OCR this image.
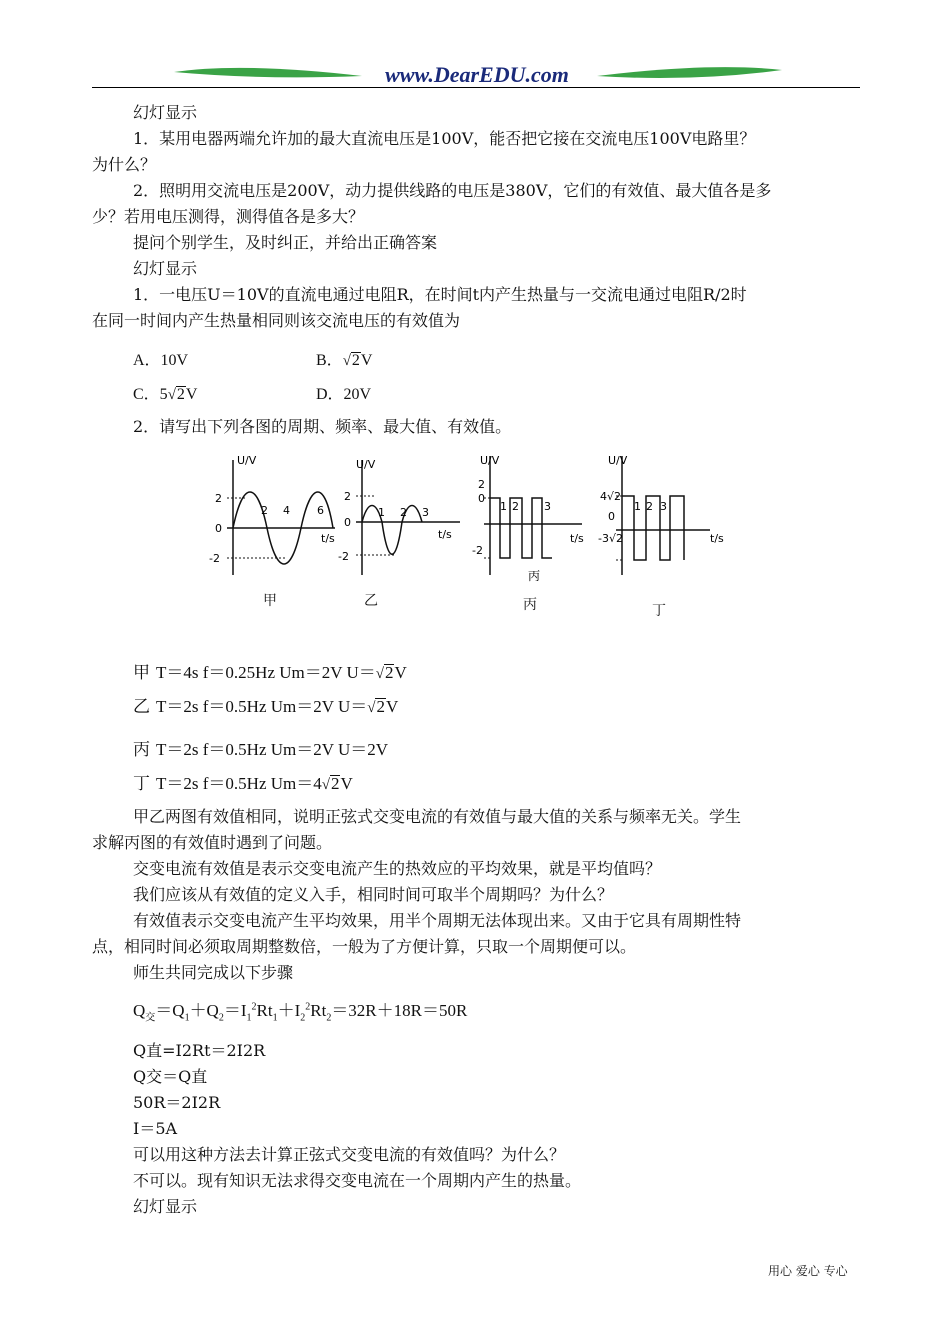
www.DearEDU.com
幻灯显示
1．某用电器两端允许加的最大直流电压是100V，能否把它接在交流电压100V电路里？
为什么？
2．照明用交流电压是200V，动力提供线路的电压是380V，它们的有效值、最大值各是多
少？若用电压测得，测得值各是多大？
提问个别学生，及时纠正，并给出正确答案
幻灯显示
1．一电压U＝10V的直流电通过电阻R，在时间t内产生热量与一交流电通过电阻R/2时
在同一时间内产生热量相同则该交流电压的有效值为
A．10V	B．√2V
C．5√2V	D．20V
2．请写出下列各图的周期、频率、最大值、有效值。
U/V
t/s
2
0
-2
2 4 6
甲
U/V
t/s
2
0
-2
1 2 3
乙
U/V
t/s
2
0
-2
1 2 3
丙
丙
U/V
t/s
4√2
0
-3√2
1 2 3
丁
甲 T＝4s f＝0.25Hz Um＝2V U＝√2V
乙 T＝2s f＝0.5Hz Um＝2V U＝√2V
丙 T＝2s f＝0.5Hz Um＝2V U＝2V
丁 T＝2s f＝0.5Hz Um＝4√2V
甲乙两图有效值相同，说明正弦式交变电流的有效值与最大值的关系与频率无关。学生
求解丙图的有效值时遇到了问题。
交变电流有效值是表示交变电流产生的热效应的平均效果，就是平均值吗？
我们应该从有效值的定义入手，相同时间可取半个周期吗？为什么？
有效值表示交变电流产生平均效果，用半个周期无法体现出来。又由于它具有周期性特
点，相同时间必须取周期整数倍，一般为了方便计算，只取一个周期便可以。
师生共同完成以下步骤
$Q_交=Q_1+Q_2=I_1^2Rt_1+I_2^2Rt_2=32R+18R=50R$
Q直=I2Rt＝2I2R
Q交＝Q直
50R＝2I2R
I＝5A
可以用这种方法去计算正弦式交变电流的有效值吗？为什么？
不可以。现有知识无法求得交变电流在一个周期内产生的热量。
幻灯显示
用心 爱心 专心
